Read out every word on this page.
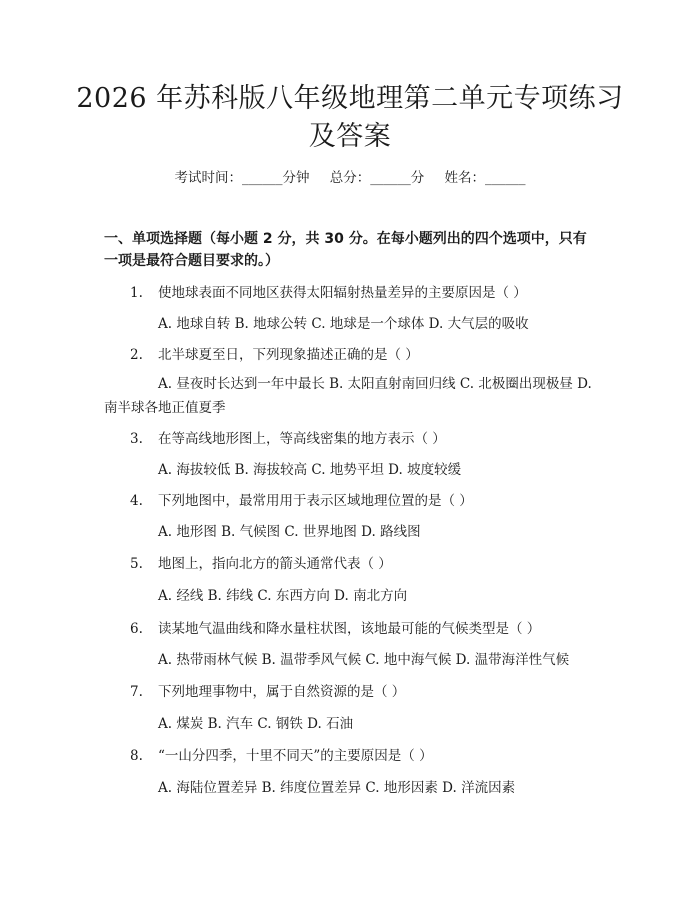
2026 年苏科版八年级地理第二单元专项练习
及答案
考试时间：______分钟 总分：______分 姓名：______
一、单项选择题（每小题 2 分，共 30 分。在每小题列出的四个选项中，只有一项是最符合题目要求的。）
1. 使地球表面不同地区获得太阳辐射热量差异的主要原因是（ ）
A. 地球自转 B. 地球公转 C. 地球是一个球体 D. 大气层的吸收
2. 北半球夏至日，下列现象描述正确的是（ ）
A. 昼夜时长达到一年中最长 B. 太阳直射南回归线 C. 北极圈出现极昼 D. 南半球各地正值夏季
3. 在等高线地形图上，等高线密集的地方表示（ ）
A. 海拔较低 B. 海拔较高 C. 地势平坦 D. 坡度较缓
4. 下列地图中，最常用用于表示区域地理位置的是（ ）
A. 地形图 B. 气候图 C. 世界地图 D. 路线图
5. 地图上，指向北方的箭头通常代表（ ）
A. 经线 B. 纬线 C. 东西方向 D. 南北方向
6. 读某地气温曲线和降水量柱状图，该地最可能的气候类型是（ ）
A. 热带雨林气候 B. 温带季风气候 C. 地中海气候 D. 温带海洋性气候
7. 下列地理事物中，属于自然资源的是（ ）
A. 煤炭 B. 汽车 C. 钢铁 D. 石油
8. “一山分四季，十里不同天”的主要原因是（ ）
A. 海陆位置差异 B. 纬度位置差异 C. 地形因素 D. 洋流因素
